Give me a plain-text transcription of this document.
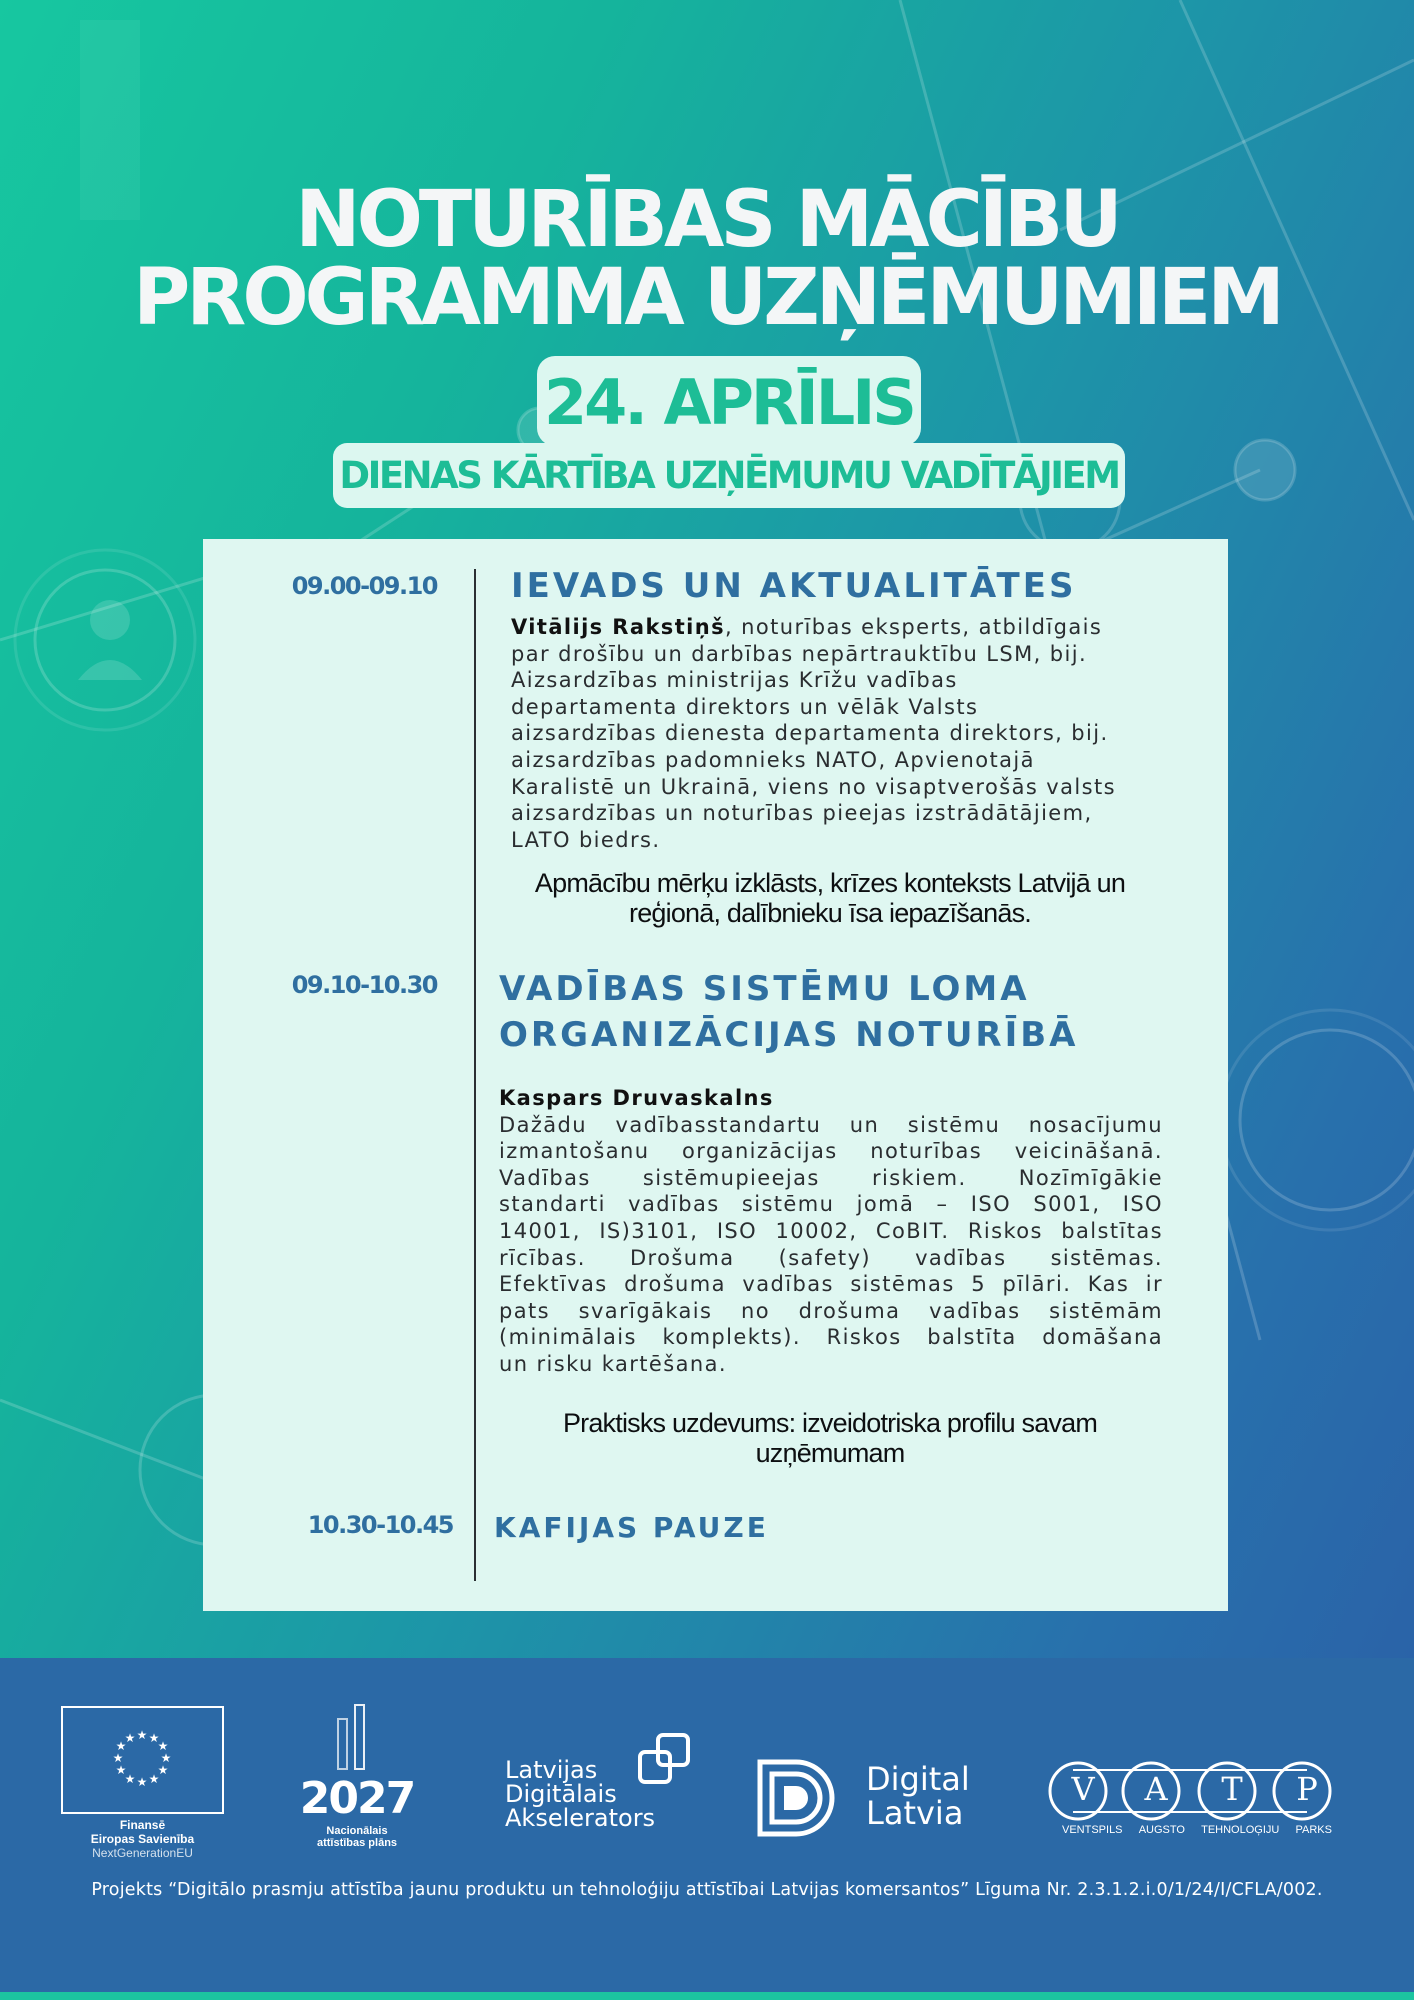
NOTURĪBAS MĀCĪBU
PROGRAMMA UZŅĒMUMIEM
24. APRĪLIS
DIENAS KĀRTĪBA UZŅĒMUMU VADĪTĀJIEM
09.00-09.10 IEVADS UN AKTUALITĀTES
Vitālijs Rakstiņš, noturības eksperts, atbildīgais
par drošību un darbības nepārtrauktību LSM, bij.
Aizsardzības ministrijas Krīžu vadības
departamenta direktors un vēlāk Valsts
aizsardzības dienesta departamenta direktors, bij.
aizsardzības padomnieks NATO, Apvienotajā
Karalistē un Ukrainā, viens no visaptverošās valsts
aizsardzības un noturības pieejas izstrādātājiem,
LATO biedrs.
Apmācību mērķu izklāsts, krīzes konteksts Latvijā un
reģionā, dalībnieku īsa iepazīšanās.
09.10-10.30 VADĪBAS SISTĒMU LOMA
ORGANIZĀCIJAS NOTURĪBĀ
Kaspars Druvaskalns
Dažādu vadībasstandartu un sistēmu nosacījumu
izmantošanu organizācijas noturības veicināšanā.
Vadības sistēmupieejas riskiem. Nozīmīgākie
standarti vadības sistēmu jomā – ISO S001, ISO
14001, IS)3101, ISO 10002, CoBIT. Riskos balstītas
rīcības. Drošuma (safety) vadības sistēmas.
Efektīvas drošuma vadības sistēmas 5 pīlāri. Kas ir
pats svarīgākais no drošuma vadības sistēmām
(minimālais komplekts). Riskos balstīta domāšana
un risku kartēšana.
Praktisks uzdevums: izveidotriska profilu savam
uzņēmumam
10.30-10.45 KAFIJAS PAUZE
★ ★
★
★
★
★
★
★
★
★
★
★
Finansē
Eiropas Savienība
NextGenerationEU
2027
Nacionālais
attīstības plāns
Latvijas
Digitālais
Akselerators
Digital
Latvia
V A T P
VENTSPILS AUGSTO TEHNOLOĢIJU PARKS
Projekts “Digitālo prasmju attīstība jaunu produktu un tehnoloģiju attīstībai Latvijas komersantos” Līguma Nr. 2.3.1.2.i.0/1/24/I/CFLA/002.
